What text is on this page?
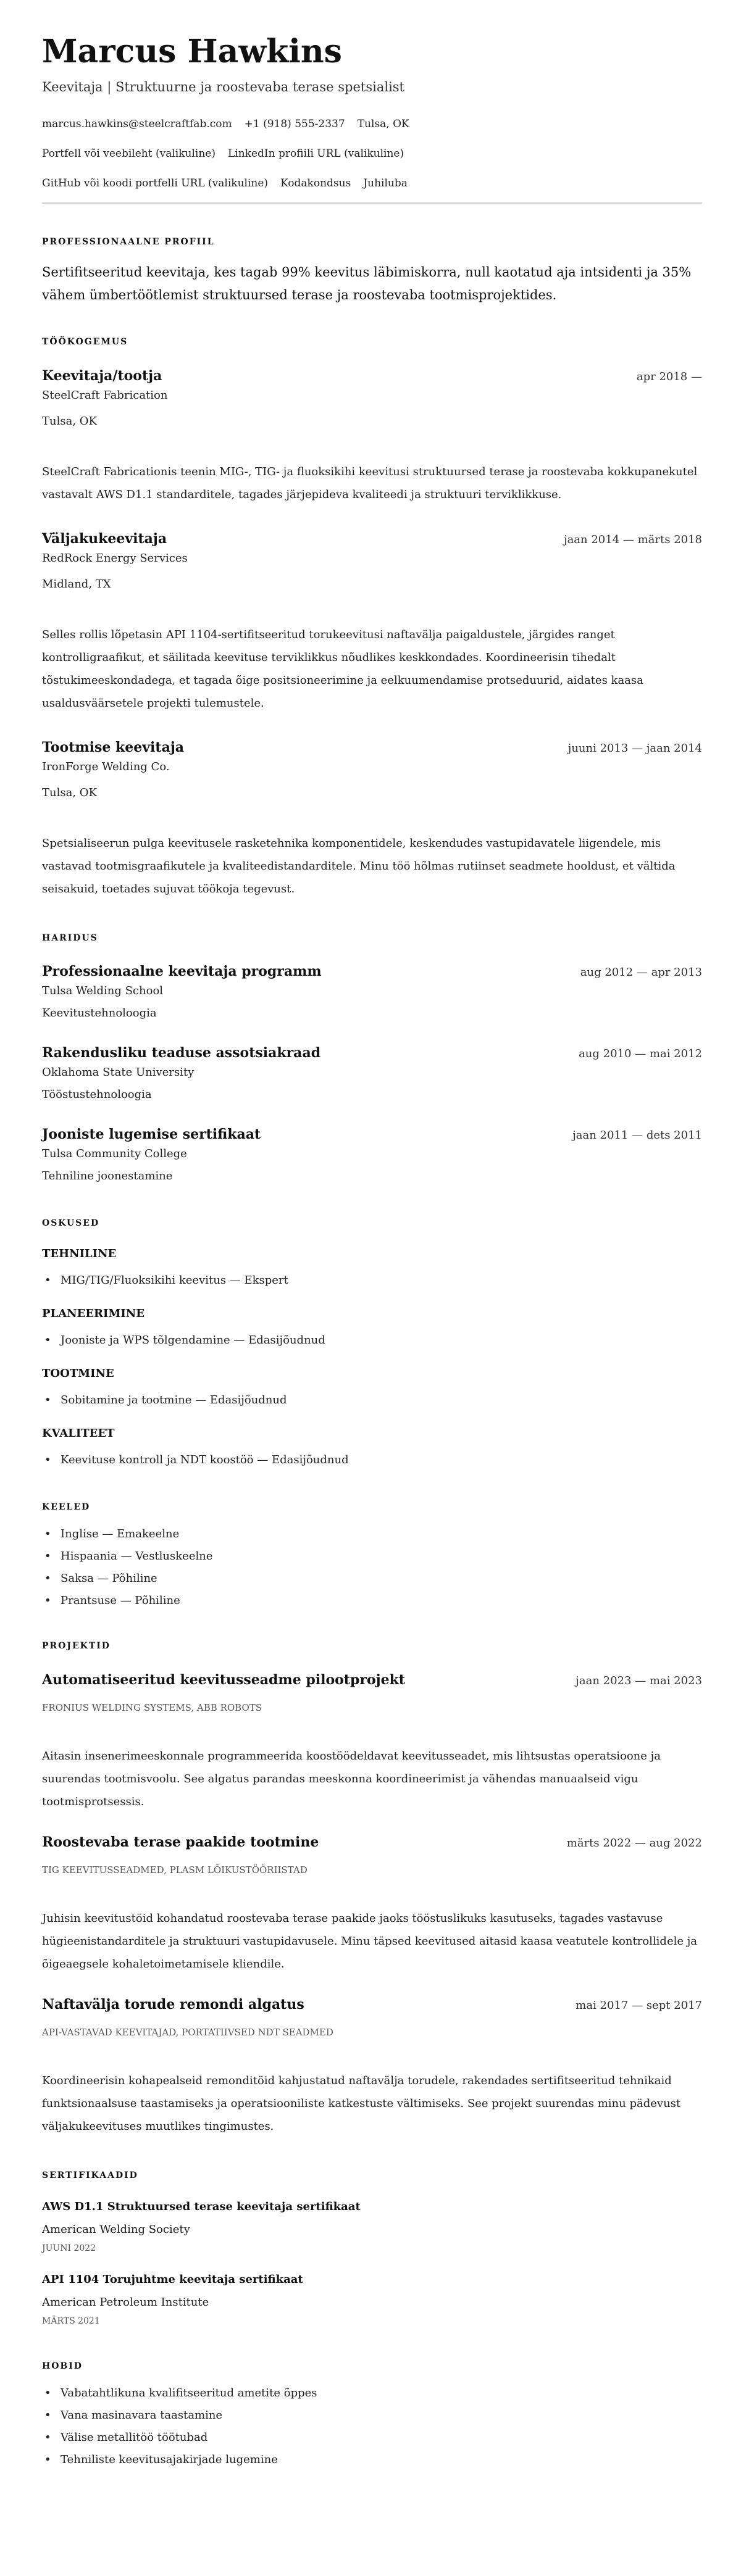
Marcus Hawkins
Keevitaja | Struktuurne ja roostevaba terase spetsialist
marcus.hawkins@steelcraftfab.com +1 (918) 555-2337 Tulsa, OK
Portfell või veebileht (valikuline) LinkedIn profiili URL (valikuline)
GitHub või koodi portfelli URL (valikuline) Kodakondsus Juhiluba
PROFESSIONAALNE PROFIIL

Sertifitseeritud keevitaja, kes tagab 99% keevitus läbimiskorra, null kaotatud aja intsidenti ja 35% vähem ümbertöötlemist struktuursed terase ja roostevaba tootmisprojektides.

TÖÖKOGEMUS
Keevitaja/tootja	apr 2018 —
SteelCraft Fabrication
Tulsa, OK
SteelCraft Fabricationis teenin MIG-, TIG- ja fluoksikihi keevitusi struktuursed terase ja roostevaba kokkupanekutel vastavalt AWS D1.1 standarditele, tagades järjepideva kvaliteedi ja struktuuri terviklikkuse.
Väljakukeevitaja	jaan 2014 — märts 2018
RedRock Energy Services
Midland, TX
Selles rollis lõpetasin API 1104-sertifitseeritud torukeevitusi naftavälja paigaldustele, järgides ranget kontrolligraafikut, et säilitada keevituse terviklikkus nõudlikes keskkondades. Koordineerisin tihedalt tõstukimeeskondadega, et tagada õige positsioneerimine ja eelkuumendamise protseduurid, aidates kaasa usaldusväärsetele projekti tulemustele.
Tootmise keevitaja	juuni 2013 — jaan 2014
IronForge Welding Co.
Tulsa, OK
Spetsialiseerun pulga keevitusele rasketehnika komponentidele, keskendudes vastupidavatele liigendele, mis vastavad tootmisgraafikutele ja kvaliteedistandarditele. Minu töö hõlmas rutiinset seadmete hooldust, et vältida seisakuid, toetades sujuvat töökoja tegevust.
HARIDUS
Professionaalne keevitaja programm	aug 2012 — apr 2013
Tulsa Welding School
Keevitustehnoloogia
Rakendusliku teaduse assotsiakraad	aug 2010 — mai 2012
Oklahoma State University
Tööstustehnoloogia
Jooniste lugemise sertifikaat	jaan 2011 — dets 2011
Tulsa Community College
Tehniline joonestamine
OSKUSED
TEHNILINE
• MIG/TIG/Fluoksikihi keevitus — Ekspert
PLANEERIMINE
• Jooniste ja WPS tõlgendamine — Edasijõudnud
TOOTMINE
• Sobitamine ja tootmine — Edasijõudnud
KVALITEET
• Keevituse kontroll ja NDT koostöö — Edasijõudnud
KEELED
• Inglise — Emakeelne
• Hispaania — Vestluskeelne
• Saksa — Põhiline
• Prantsuse — Põhiline
PROJEKTID
Automatiseeritud keevitusseadme pilootprojekt	jaan 2023 — mai 2023
FRONIUS WELDING SYSTEMS, ABB ROBOTS
Aitasin insenerimeeskonnale programmeerida koostöödeldavat keevitusseadet, mis lihtsustas operatsioone ja suurendas tootmisvoolu. See algatus parandas meeskonna koordineerimist ja vähendas manuaalseid vigu tootmisprotsessis.
Roostevaba terase paakide tootmine	märts 2022 — aug 2022
TIG KEEVITUSSEADMED, PLASM LÕIKUSTÖÖRIISTAD
Juhisin keevitustöid kohandatud roostevaba terase paakide jaoks tööstuslikuks kasutuseks, tagades vastavuse hügieenistandarditele ja struktuuri vastupidavusele. Minu täpsed keevitused aitasid kaasa veatutele kontrollidele ja õigeaegsele kohaletoimetamisele kliendile.
Naftavälja torude remondi algatus	mai 2017 — sept 2017
API-VASTAVAD KEEVITAJAD, PORTATIIVSED NDT SEADMED
Koordineerisin kohapealseid remonditöid kahjustatud naftavälja torudele, rakendades sertifitseeritud tehnikaid funktsionaalsuse taastamiseks ja operatsiooniliste katkestuste vältimiseks. See projekt suurendas minu pädevust väljakukeevituses muutlikes tingimustes.
SERTIFIKAADID
AWS D1.1 Struktuursed terase keevitaja sertifikaat
American Welding Society
JUUNI 2022
API 1104 Torujuhtme keevitaja sertifikaat
American Petroleum Institute
MÄRTS 2021
HOBID
• Vabatahtlikuna kvalifitseeritud ametite õppes
• Vana masinavara taastamine
• Välise metallitöö töötubad
• Tehniliste keevitusajakirjade lugemine
